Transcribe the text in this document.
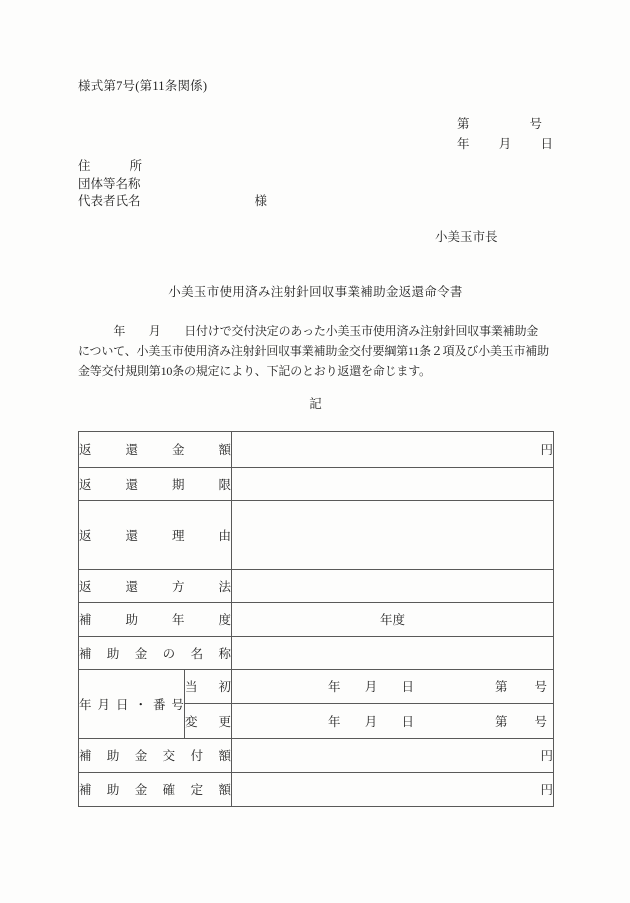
様式第7号(第11条関係)
第	号
年 月 日
住	所
団体等名称
代表者氏名	様
小美玉市長
小美玉市使用済み注射針回収事業補助金返還命令書
　　　年　　月　　日付けで交付決定のあった小美玉市使用済み注射針回収事業補助金
について、小美玉市使用済み注射針回収事業補助金交付要綱第11条２項及び小美玉市補助
金等交付規則第10条の規定により、下記のとおり返還を命じます。
記
返 還 金 額		円

返 還 期 限		

返 還 理 由		

返 還 方 法		

補 助 年 度		年度

補 助 金 の 名 称

年 月 日 ・ 番 号

当 初	年 月 日	第 号

	変 更	年 月 日 第 号

補 助 金 交 付 額	円

補 助 金 確 定 額	円
